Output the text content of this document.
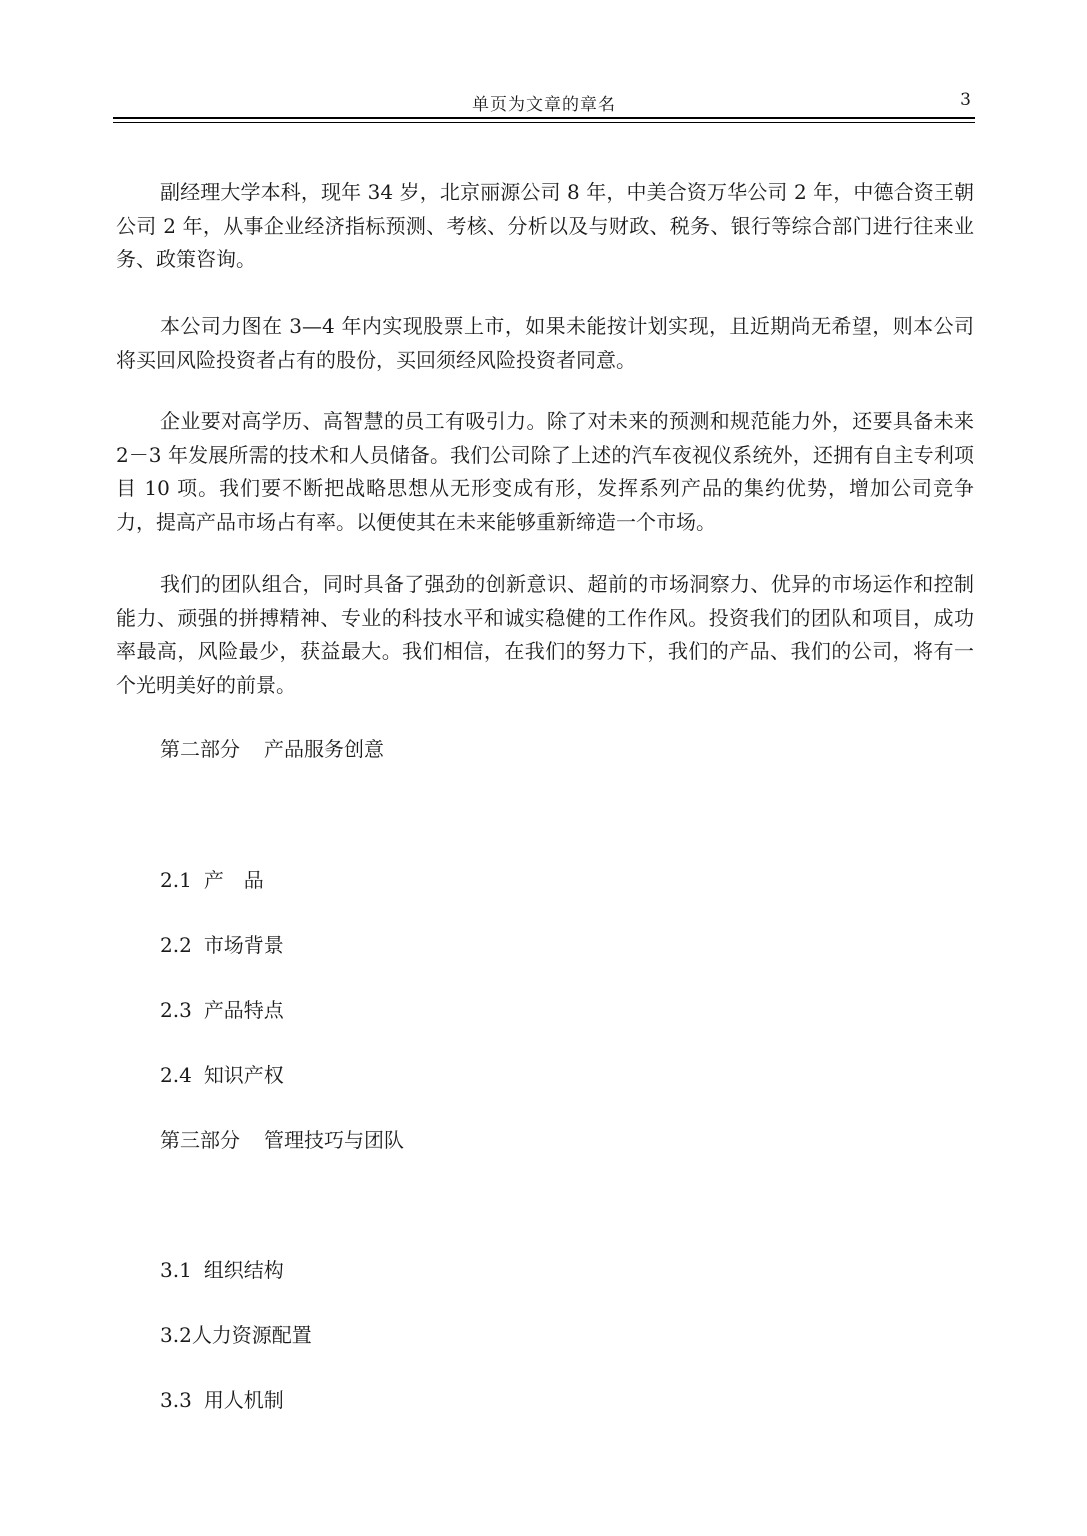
单页为文章的章名	3

副经理大学本科，现年 34 岁，北京丽源公司 8 年，中美合资万华公司 2 年，中德合资王朝公司 2 年，从事企业经济指标预测、考核、分析以及与财政、税务、银行等综合部门进行往来业务、政策咨询。

本公司力图在 3—4 年内实现股票上市，如果未能按计划实现，且近期尚无希望，则本公司将买回风险投资者占有的股份，买回须经风险投资者同意。

企业要对高学历、高智慧的员工有吸引力。除了对未来的预测和规范能力外，还要具备未来 2－3 年发展所需的技术和人员储备。我们公司除了上述的汽车夜视仪系统外，还拥有自主专利项目 10 项。我们要不断把战略思想从无形变成有形，发挥系列产品的集约优势，增加公司竞争力，提高产品市场占有率。以便使其在未来能够重新缔造一个市场。

我们的团队组合，同时具备了强劲的创新意识、超前的市场洞察力、优异的市场运作和控制能力、顽强的拼搏精神、专业的科技水平和诚实稳健的工作作风。投资我们的团队和项目，成功率最高，风险最少，获益最大。我们相信，在我们的努力下，我们的产品、我们的公司，将有一个光明美好的前景。

第二部分 产品服务创意
2.1 产　品
2.2 市场背景
2.3 产品特点
2.4 知识产权
第三部分 管理技巧与团队
3.1 组织结构
3.2人力资源配置
3.3 用人机制
